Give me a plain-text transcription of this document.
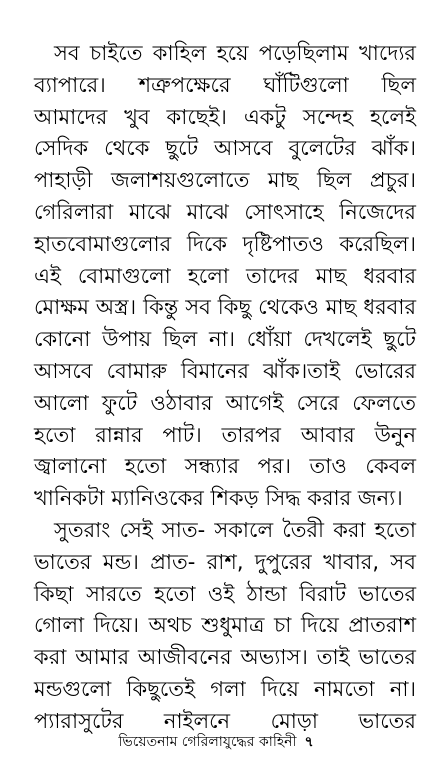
সব চাইতে কাহিল হয়ে পড়েছিলাম খাদ্যের ব্যাপারে। শত্রুপক্ষেরে ঘাঁটিগুলো ছিল আমাদের খুব কাছেই। একটু সন্দেহ হলেই সেদিক থেকে ছুটে আসবে বুলেটের ঝাঁক। পাহাড়ী জলাশয়গুলোতে মাছ ছিল প্রচুর। গেরিলারা মাঝে মাঝে সোৎসাহে নিজেদের হাতবোমাগুলোর দিকে দৃষ্টিপাতও করেছিল। এই বোমাগুলো হলো তাদের মাছ ধরবার মোক্ষম অস্ত্র। কিন্তু সব কিছু থেকেও মাছ ধরবার কোনো উপায় ছিল না। ধোঁয়া দেখলেই ছুটে আসবে বোমারু বিমানের ঝাঁক।তাই ভোরের আলো ফুটে ওঠাবার আগেই সেরে ফেলতে হতো রান্নার পাট। তারপর আবার উনুন জ্বালানো হতো সন্ধ্যার পর। তাও কেবল খানিকটা ম্যানিওকের শিকড় সিদ্ধ করার জন্য।

সুতরাং সেই সাত- সকালে তৈরী করা হতো ভাতের মন্ড। প্রাত- রাশ, দুপুরের খাবার, সব কিছা সারতে হতো ওই ঠান্ডা বিরাট ভাতের গোলা দিয়ে। অথচ শুধুমাত্র চা দিয়ে প্রাতরাশ করা আমার আজীবনের অভ্যাস। তাই ভাতের মন্ডগুলো কিছুতেই গলা দিয়ে নামতো না। প্যারাসুটের নাইলনে মোড়া ভাতের

ভিয়েতনাম গেরিলাযুদ্ধের কাহিনী ৭
